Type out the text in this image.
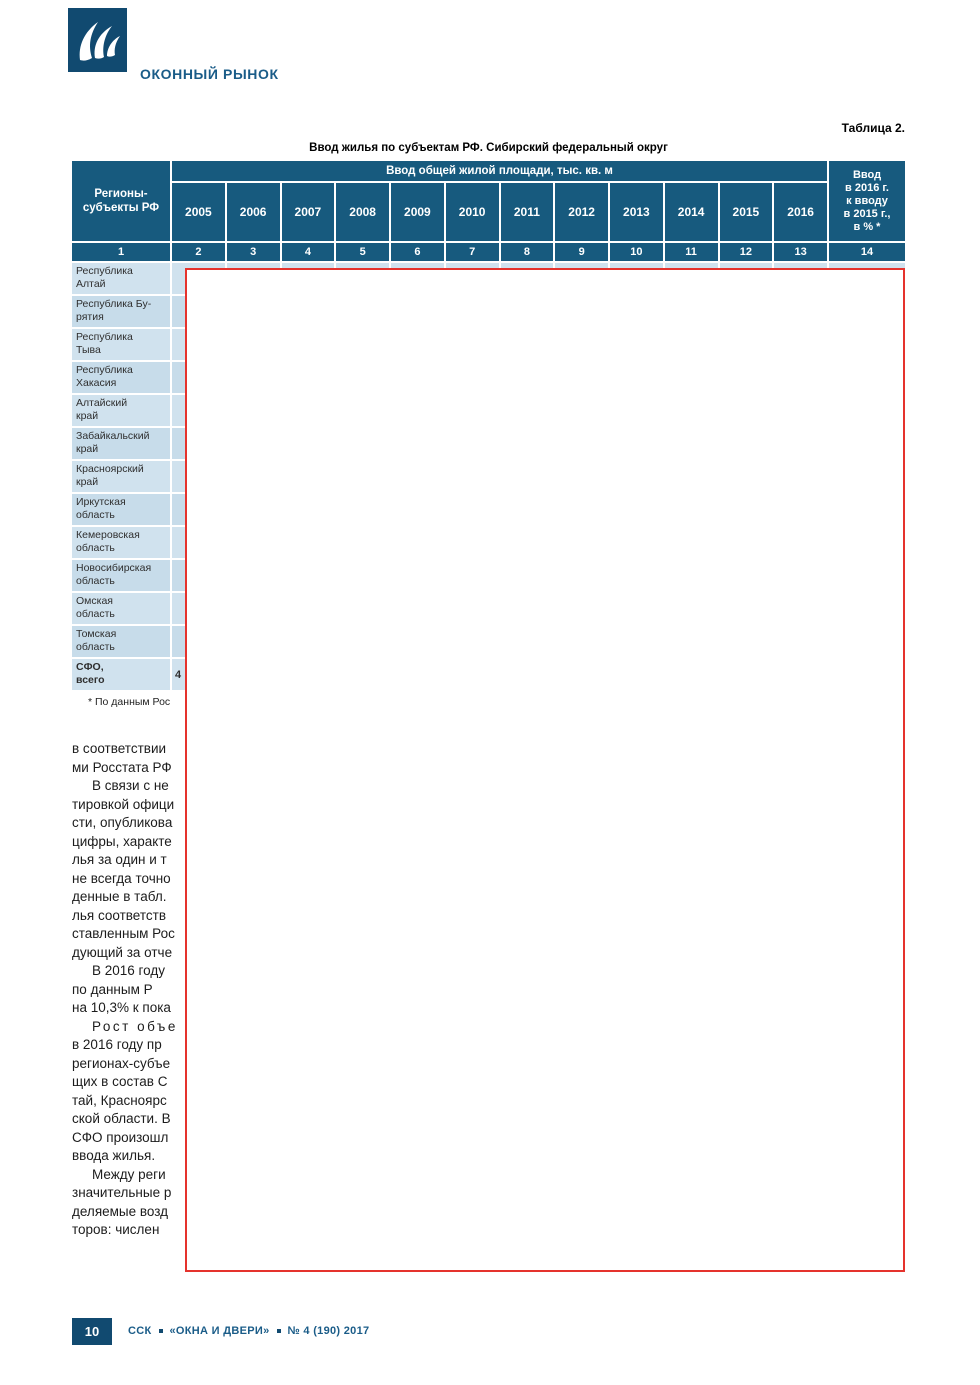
ОКОННЫЙ РЫНОК
Таблица 2.
Ввод жилья по субъектам РФ. Сибирский федеральный округ
Регионы-
субъекты РФ
Ввод общей жилой площади, тыс. кв. м	Ввод
в 2016 г.
к вводу
в 2015 г.,
в % *
2005	2006	2007	2008	2009	2010	2011	2012	2013	2014	2015	2016
1	2	3	4	5	6	7	8	9	10	11	12	13	14
Республика
Алтай
Республика Бу-
рятия
Республика
Тыва
Республика
Хакасия
Алтайский
край
Забайкальский
край
Красноярский
край
Иркутская
область
Кемеровская
область
Новосибирская
область
Омская
область
Томская
область
СФО,
всего	4
* По данным Рос
в соответствии
ми Росстата РФ
В связи с не
тировкой офици
сти, опубликова
цифры, характе
лья за один и т
не всегда точно
денные в табл.
лья соответств
ставленным Рос
дующий за отче
В 2016 году
по данным Р
на 10,3% к пока
Рост объе
в 2016 году пр
регионах-субъе
щих в состав С
тай, Красноярс
ской области. В
СФО произошл
ввода жилья.
Между реги
значительные р
деляемые возд
торов: числен
10	ССК «ОКНА И ДВЕРИ» № 4 (190) 2017
